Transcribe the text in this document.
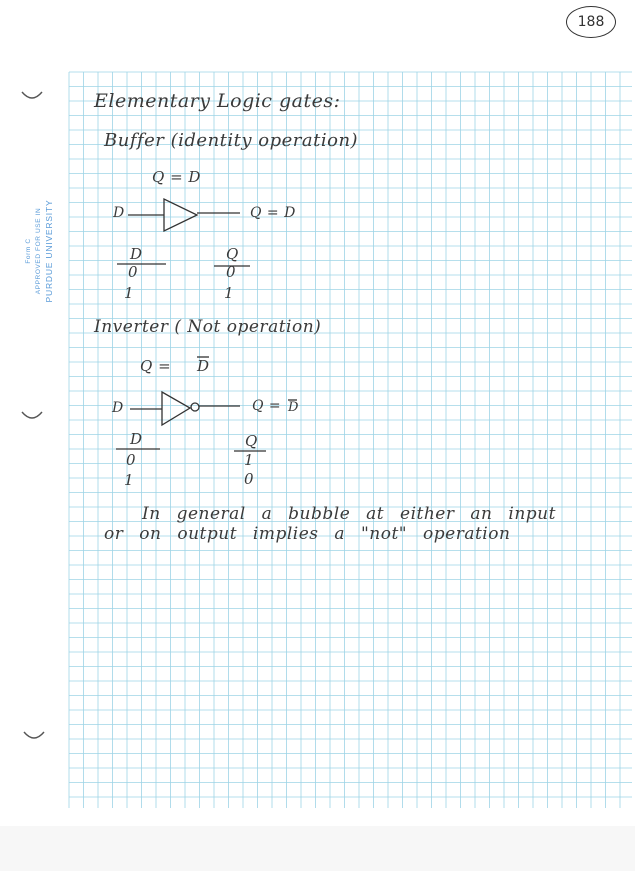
188
Form C APPROVED FOR USE IN PURDUE UNIVERSITY
Elementary Logic gates:
Buffer (identity operation)
Q = D
D	Q = D
D
0
1
Q
0
1
Inverter ( Not operation)
Q = D
D	Q = D
D
0
1
Q
1
0
In general a bubble at either an input
or on output implies a "not" operation
